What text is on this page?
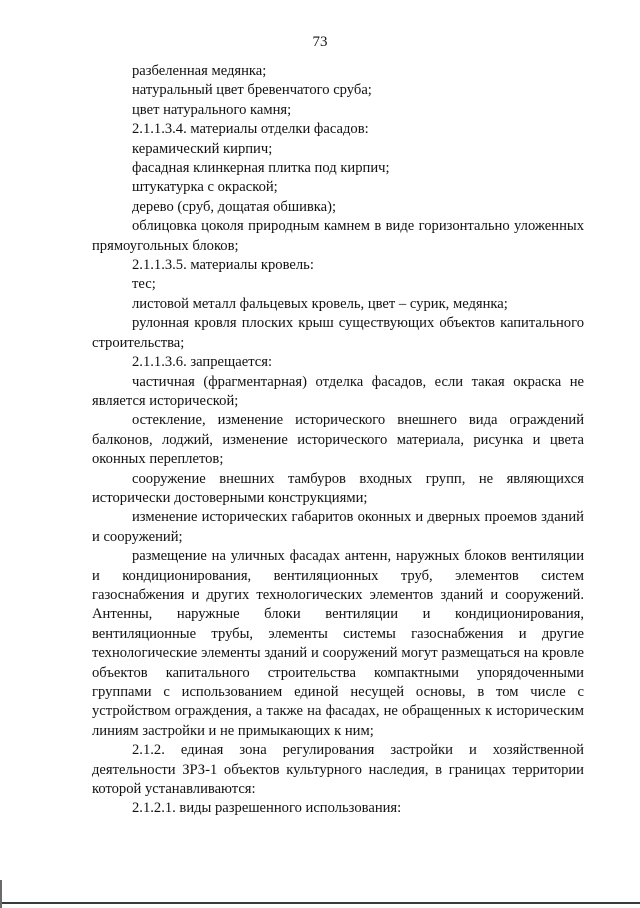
73

разбеленная медянка;

натуральный цвет бревенчатого сруба;

цвет натурального камня;

2.1.1.3.4. материалы отделки фасадов:

керамический кирпич;

фасадная клинкерная плитка под кирпич;

штукатурка с окраской;

дерево (сруб, дощатая обшивка);

облицовка цоколя природным камнем в виде горизонтально уложенных прямоугольных блоков;

2.1.1.3.5. материалы кровель:

тес;

листовой металл фальцевых кровель, цвет – сурик, медянка;

рулонная кровля плоских крыш существующих объектов капитального строительства;

2.1.1.3.6. запрещается:

частичная (фрагментарная) отделка фасадов, если такая окраска не является исторической;

остекление, изменение исторического внешнего вида ограждений балконов, лоджий, изменение исторического материала, рисунка и цвета оконных переплетов;

сооружение внешних тамбуров входных групп, не являющихся исторически достоверными конструкциями;

изменение исторических габаритов оконных и дверных проемов зданий и сооружений;

размещение на уличных фасадах антенн, наружных блоков вентиляции и кондиционирования, вентиляционных труб, элементов систем газоснабжения и других технологических элементов зданий и сооружений. Антенны, наружные блоки вентиляции и кондиционирования, вентиляционные трубы, элементы системы газоснабжения и другие технологические элементы зданий и сооружений могут размещаться на кровле объектов капитального строительства компактными упорядоченными группами с использованием единой несущей основы, в том числе с устройством ограждения, а также на фасадах, не обращенных к историческим линиям застройки и не примыкающих к ним;

2.1.2. единая зона регулирования застройки и хозяйственной деятельности ЗРЗ-1 объектов культурного наследия, в границах территории которой устанавливаются:

2.1.2.1. виды разрешенного использования:
